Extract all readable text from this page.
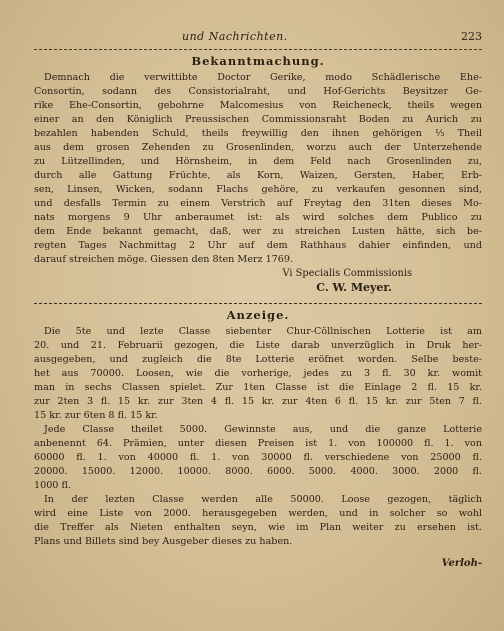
und Nachrichten.	223
Bekanntmachung.
Demnach die verwittibte Doctor Gerike, modo Schädlerische Ehe-
Consortin, sodann des Consistorialraht, und Hof-Gerichts Beysitzer Ge-
rike Ehe-Consortin, gebohrne Malcomesius von Reicheneck, theils wegen
einer an den Königlich Preussischen Commissionsraht Boden zu Aurich zu
bezahlen habenden Schuld, theils freywillig den ihnen gehörigen ⅓ Theil
aus dem grosen Zehenden zu Grosenlinden, worzu auch der Unterzehende
zu Lützellinden, und Hörnsheim, in dem Feld nach Grosenlinden zu,
durch alle Gattung Früchte, als Korn, Waizen, Gersten, Haber, Erb-
sen, Linsen, Wicken, sodann Flachs gehöre, zu verkaufen gesonnen sind,
und desfalls Termin zu einem Verstrich auf Freytag den 31ten dieses Mo-
nats morgens 9 Uhr anberaumet ist: als wird solches dem Publico zu
dem Ende bekannt gemacht, daß, wer zu streichen Lusten hätte, sich be-
regten Tages Nachmittag 2 Uhr auf dem Rathhaus dahier einfinden, und
darauf streichen möge. Giessen den 8ten Merz 1769.
Vi Specialis Commissionis
C. W. Meyer.
Anzeige.
Die 5te und lezte Classe siebenter Chur-Cöllnischen Lotterie ist am
20. und 21. Februarii gezogen, die Liste darab unverzüglich in Druk her-
ausgegeben, und zugleich die 8te Lotterie eröfnet worden. Selbe beste-
het aus 70000. Loosen, wie die vorherige, jedes zu 3 fl. 30 kr. womit
man in sechs Classen spielet. Zur 1ten Classe ist die Einlage 2 fl. 15 kr.
zur 2ten 3 fl. 15 kr. zur 3ten 4 fl. 15 kr. zur 4ten 6 fl. 15 kr. zur 5ten 7 fl.
15 kr. zur 6ten 8 fl. 15 kr.
Jede Classe theilet 5000. Gewinnste aus, und die ganze Lotterie
anbenennt 64. Prämien, unter diesen Preisen ist 1. von 100000 fl. 1. von
60000 fl. 1. von 40000 fl. 1. von 30000 fl. verschiedene von 25000 fl.
20000. 15000. 12000. 10000. 8000. 6000. 5000. 4000. 3000. 2000 fl.
1000 fl.
In der lezten Classe werden alle 50000. Loose gezogen, täglich
wird eine Liste von 2000. herausgegeben werden, und in solcher so wohl
die Treffer als Nieten enthalten seyn, wie im Plan weiter zu ersehen ist.
Plans und Billets sind bey Ausgeber dieses zu haben.
Verloh-
